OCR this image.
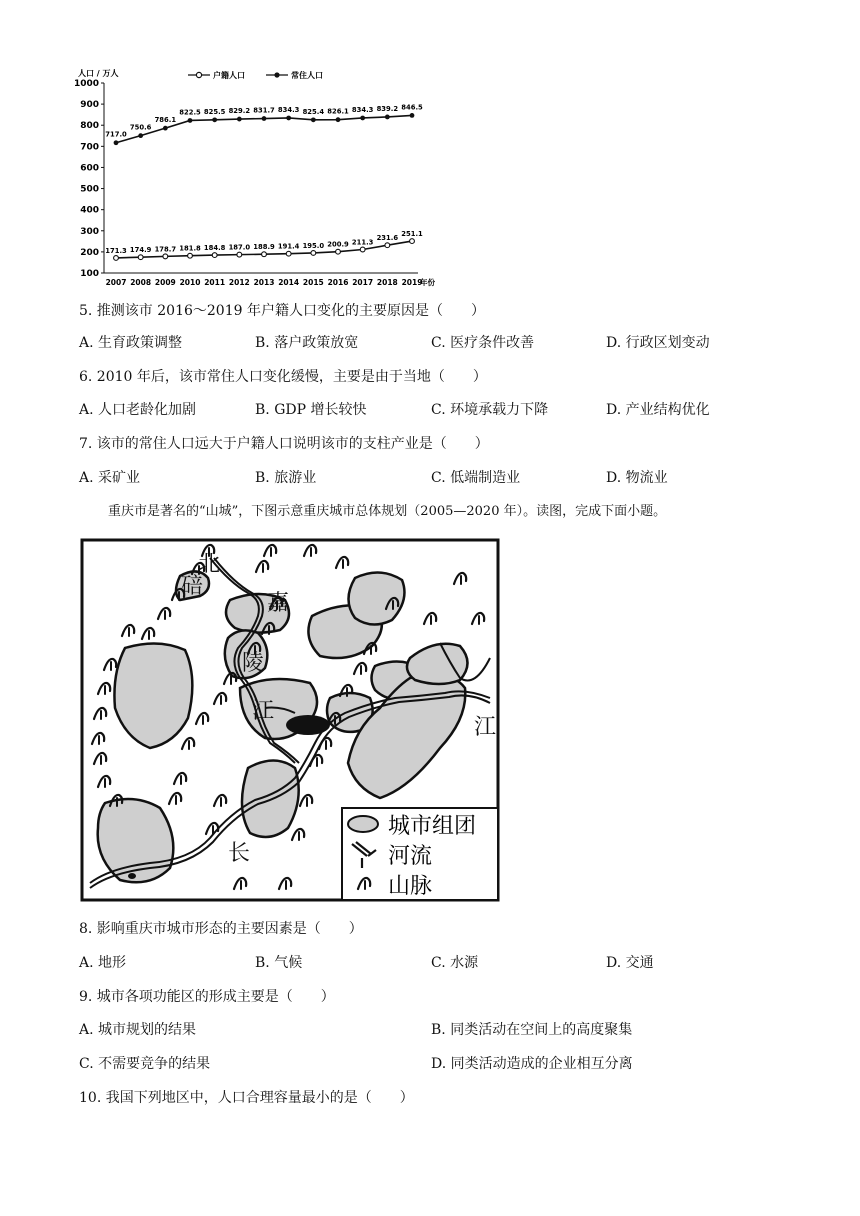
人口 / 万人
100
200
300
400
500
600
700
800
900
1000
2007 2008 2009 2010 2011 2012 2013 2014 2015 2016 2017 2018 2019
年份
户籍人口	常住人口
171.3 174.9 178.7 181.8 184.8 187.0 188.9 191.4 195.0 200.9 211.3
231.6
251.1
717.0
750.6
786.1
822.5 825.5 829.2 831.7 834.3 825.4 826.1 834.3 839.2 846.5
5. 推测该市 2016～2019 年户籍人口变化的主要原因是（　　）
A. 生育政策调整	B. 落户政策放宽	C. 医疗条件改善	D. 行政区划变动
6. 2010 年后，该市常住人口变化缓慢，主要是由于当地（　　）
A. 人口老龄化加剧	B. GDP 增长较快	C. 环境承载力下降	D. 产业结构优化
7. 该市的常住人口远大于户籍人口说明该市的支柱产业是（　　）
A. 采矿业	B. 旅游业	C. 低端制造业	D. 物流业
重庆市是著名的“山城”，下图示意重庆城市总体规划（2005—2020 年）。读图，完成下面小题。
北
碚
嘉
陵
江
江
长
城市组团
河流
山脉
8. 影响重庆市城市形态的主要因素是（　　）
A. 地形	B. 气候	C. 水源	D. 交通
9. 城市各项功能区的形成主要是（　　）
A. 城市规划的结果	B. 同类活动在空间上的高度聚集
C. 不需要竞争的结果	D. 同类活动造成的企业相互分离
10. 我国下列地区中，人口合理容量最小的是（　　）
